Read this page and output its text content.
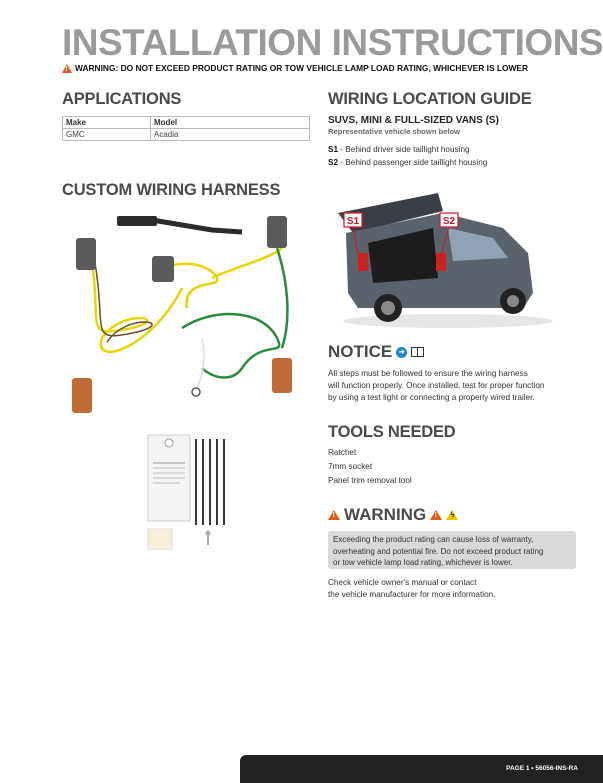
INSTALLATION INSTRUCTIONS
! WARNING: DO NOT EXCEED PRODUCT RATING OR TOW VEHICLE LAMP LOAD RATING, WHICHEVER IS LOWER
APPLICATIONS
Make	Model
GMC	Acadia
CUSTOM WIRING HARNESS
WIRING LOCATION GUIDE
SUVS, MINI & FULL-SIZED VANS (S)
Representative vehicle shown below
S1 - Behind driver side taillight housing
S2 - Behind passenger side taillight housing
S1	S2
NOTICE ➜
All steps must be followed to ensure the wiring harness
will function properly. Once installed, test for proper function
by using a test light or connecting a properly wired trailer.
TOOLS NEEDED
Ratchet
7mm socket
Panel trim removal tool
! WARNING ! ϟ
Exceeding the product rating can cause loss of warranty,
overheating and potential fire. Do not exceed product rating
or tow vehicle lamp load rating, whichever is lower.
Check vehicle owner's manual or contact
the vehicle manufacturer for more information.
PAGE 1 • 56056-INS-RA
